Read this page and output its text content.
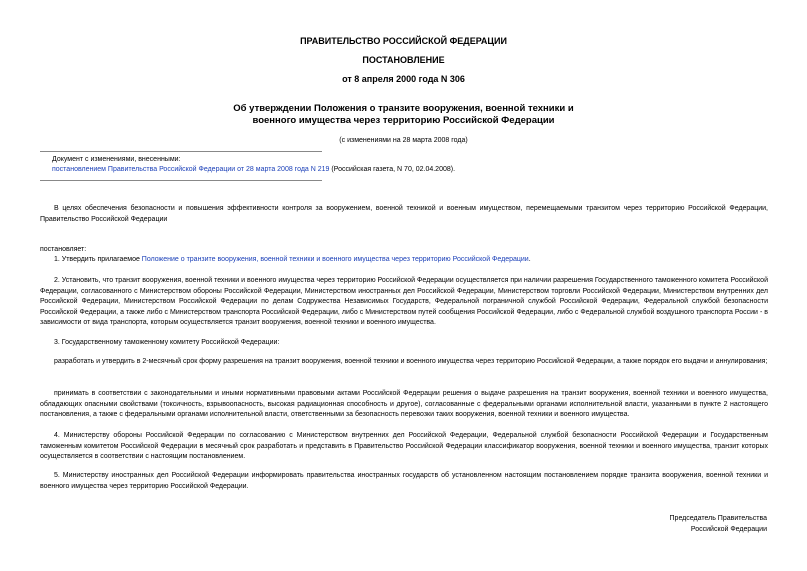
ПРАВИТЕЛЬСТВО РОССИЙСКОЙ ФЕДЕРАЦИИ
ПОСТАНОВЛЕНИЕ
от 8 апреля 2000 года N 306
Об утверждении Положения о транзите вооружения, военной техники и
военного имущества через территорию Российской Федерации
(с изменениями на 28 марта 2008 года)
Документ с изменениями, внесенными:
постановлением Правительства Российской Федерации от 28 марта 2008 года N 219 (Российская газета, N 70, 02.04.2008).
В целях обеспечения безопасности и повышения эффективности контроля за вооружением, военной техникой и военным имуществом, перемещаемыми транзитом через территорию Российской Федерации, Правительство Российской Федерации
постановляет:
1. Утвердить прилагаемое Положение о транзите вооружения, военной техники и военного имущества через территорию Российской Федерации.
2. Установить, что транзит вооружения, военной техники и военного имущества через территорию Российской Федерации осуществляется при наличии разрешения Государственного таможенного комитета Российской Федерации, согласованного с Министерством обороны Российской Федерации, Министерством иностранных дел Российской Федерации, Министерством торговли Российской Федерации, Министерством внутренних дел Российской Федерации, Министерством Российской Федерации по делам Содружества Независимых Государств, Федеральной пограничной службой Российской Федерации, Федеральной службой безопасности Российской Федерации, а также либо с Министерством транспорта Российской Федерации, либо с Министерством путей сообщения Российской Федерации, либо с Федеральной службой воздушного транспорта России - в зависимости от вида транспорта, которым осуществляется транзит вооружения, военной техники и военного имущества.
3. Государственному таможенному комитету Российской Федерации:
разработать и утвердить в 2-месячный срок форму разрешения на транзит вооружения, военной техники и военного имущества через территорию Российской Федерации, а также порядок его выдачи и аннулирования;
принимать в соответствии с законодательными и иными нормативными правовыми актами Российской Федерации решения о выдаче разрешения на транзит вооружения, военной техники и военного имущества, обладающих опасными свойствами (токсичность, взрывоопасность, высокая радиационная способность и другое), согласованные с федеральными органами исполнительной власти, указанными в пункте 2 настоящего постановления, а также с федеральными органами исполнительной власти, ответственными за безопасность перевозки таких вооружения, военной техники и военного имущества.
4. Министерству обороны Российской Федерации по согласованию с Министерством внутренних дел Российской Федерации, Федеральной службой безопасности Российской Федерации и Государственным таможенным комитетом Российской Федерации в месячный срок разработать и представить в Правительство Российской Федерации классификатор вооружения, военной техники и военного имущества, транзит которых осуществляется в соответствии с настоящим постановлением.
5. Министерству иностранных дел Российской Федерации информировать правительства иностранных государств об установленном настоящим постановлением порядке транзита вооружения, военной техники и военного имущества через территорию Российской Федерации.
Председатель Правительства
Российской Федерации
